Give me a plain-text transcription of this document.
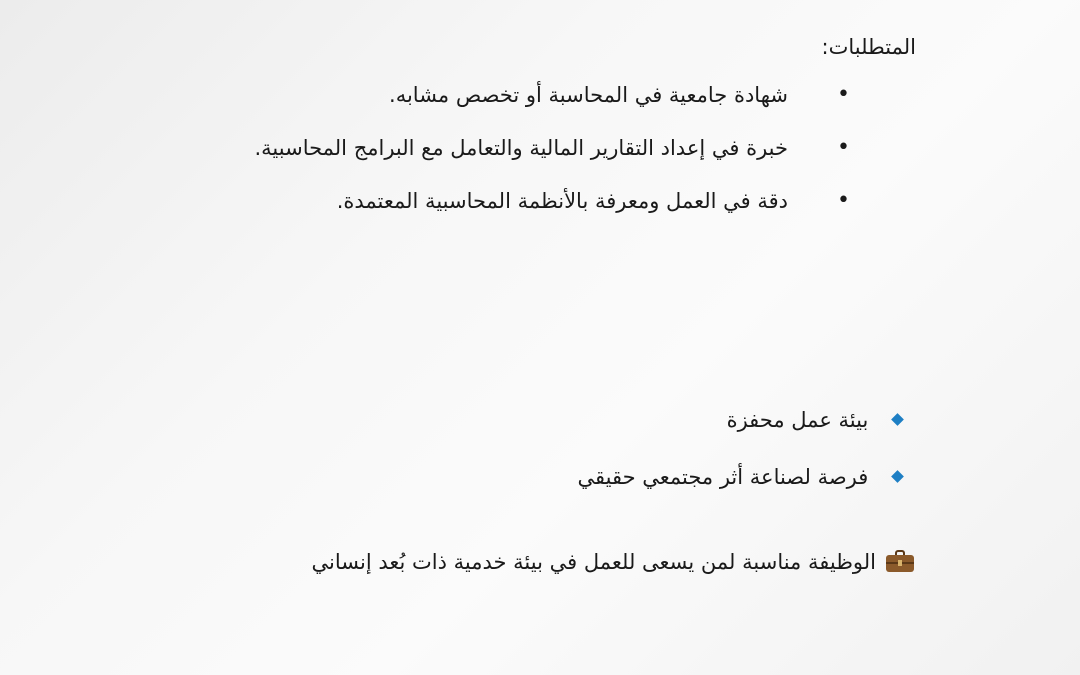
المتطلبات:
•
شهادة جامعية في المحاسبة أو تخصص مشابه.
•
خبرة في إعداد التقارير المالية والتعامل مع البرامج المحاسبية.
•
دقة في العمل ومعرفة بالأنظمة المحاسبية المعتمدة.
بيئة عمل محفزة
فرصة لصناعة أثر مجتمعي حقيقي
الوظيفة مناسبة لمن يسعى للعمل في بيئة خدمية ذات بُعد إنساني
